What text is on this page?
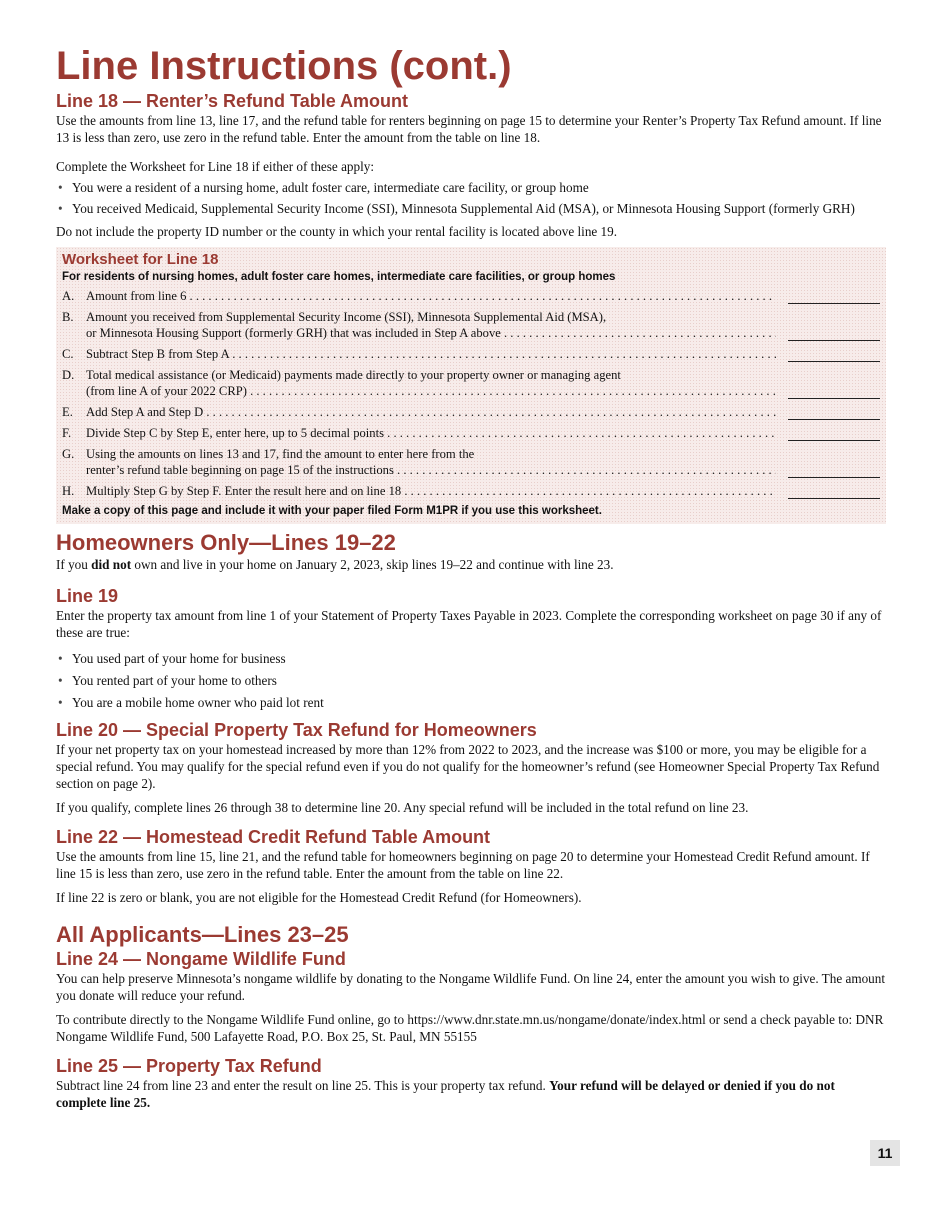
Line Instructions (cont.)
Line 18 — Renter’s Refund Table Amount

Use the amounts from line 13, line 17, and the refund table for renters beginning on page 15 to determine your Renter’s Property Tax Refund amount. If line 13 is less than zero, use zero in the refund table. Enter the amount from the table on line 18.

Complete the Worksheet for Line 18 if either of these apply:

• You were a resident of a nursing home, adult foster care, intermediate care facility, or group home
• You received Medicaid, Supplemental Security Income (SSI), Minnesota Supplemental Aid (MSA), or Minnesota Housing Support (formerly GRH)

Do not include the property ID number or the county in which your rental facility is located above line 19.

Worksheet for Line 18
For residents of nursing homes, adult foster care homes, intermediate care facilities, or group homes
A. Amount from line 6 . . .
B. Amount you received from Supplemental Security Income (SSI), Minnesota Supplemental Aid (MSA),
or Minnesota Housing Support (formerly GRH) that was included in Step A above . . .
C. Subtract Step B from Step A . . .
D. Total medical assistance (or Medicaid) payments made directly to your property owner or managing agent
(from line A of your 2022 CRP) . . .
E.	Add Step A and Step D . . .
F.	Divide Step C by Step E, enter here, up to 5 decimal points . . .
G. Using the amounts on lines 13 and 17, find the amount to enter here from the
renter’s refund table beginning on page 15 of the instructions . . .
H. Multiply Step G by Step F. Enter the result here and on line 18 . . .
Make a copy of this page and include it with your paper filed Form M1PR if you use this worksheet.
Homeowners Only—Lines 19–22

If you did not own and live in your home on January 2, 2023, skip lines 19–22 and continue with line 23.

Line 19

Enter the property tax amount from line 1 of your Statement of Property Taxes Payable in 2023. Complete the corresponding worksheet on page 30 if any of these are true:

• You used part of your home for business
• You rented part of your home to others
• You are a mobile home owner who paid lot rent
Line 20 — Special Property Tax Refund for Homeowners

If your net property tax on your homestead increased by more than 12% from 2022 to 2023, and the increase was $100 or more, you may be eligible for a special refund. You may qualify for the special refund even if you do not qualify for the homeowner’s refund (see Homeowner Special Property Tax Refund section on page 2).

If you qualify, complete lines 26 through 38 to determine line 20. Any special refund will be included in the total refund on line 23.

Line 22 — Homestead Credit Refund Table Amount

Use the amounts from line 15, line 21, and the refund table for homeowners beginning on page 20 to determine your Homestead Credit Refund amount. If line 15 is less than zero, use zero in the refund table. Enter the amount from the table on line 22.

If line 22 is zero or blank, you are not eligible for the Homestead Credit Refund (for Homeowners).

All Applicants—Lines 23–25
Line 24 — Nongame Wildlife Fund

You can help preserve Minnesota’s nongame wildlife by donating to the Nongame Wildlife Fund. On line 24, enter the amount you wish to give. The amount you donate will reduce your refund.

To contribute directly to the Nongame Wildlife Fund online, go to https://www.dnr.state.mn.us/nongame/donate/index.html or send a check payable to: DNR Nongame Wildlife Fund, 500 Lafayette Road, P.O. Box 25, St. Paul, MN 55155

Line 25 — Property Tax Refund

Subtract line 24 from line 23 and enter the result on line 25. This is your property tax refund. Your refund will be delayed or denied if you do not complete line 25.

11
